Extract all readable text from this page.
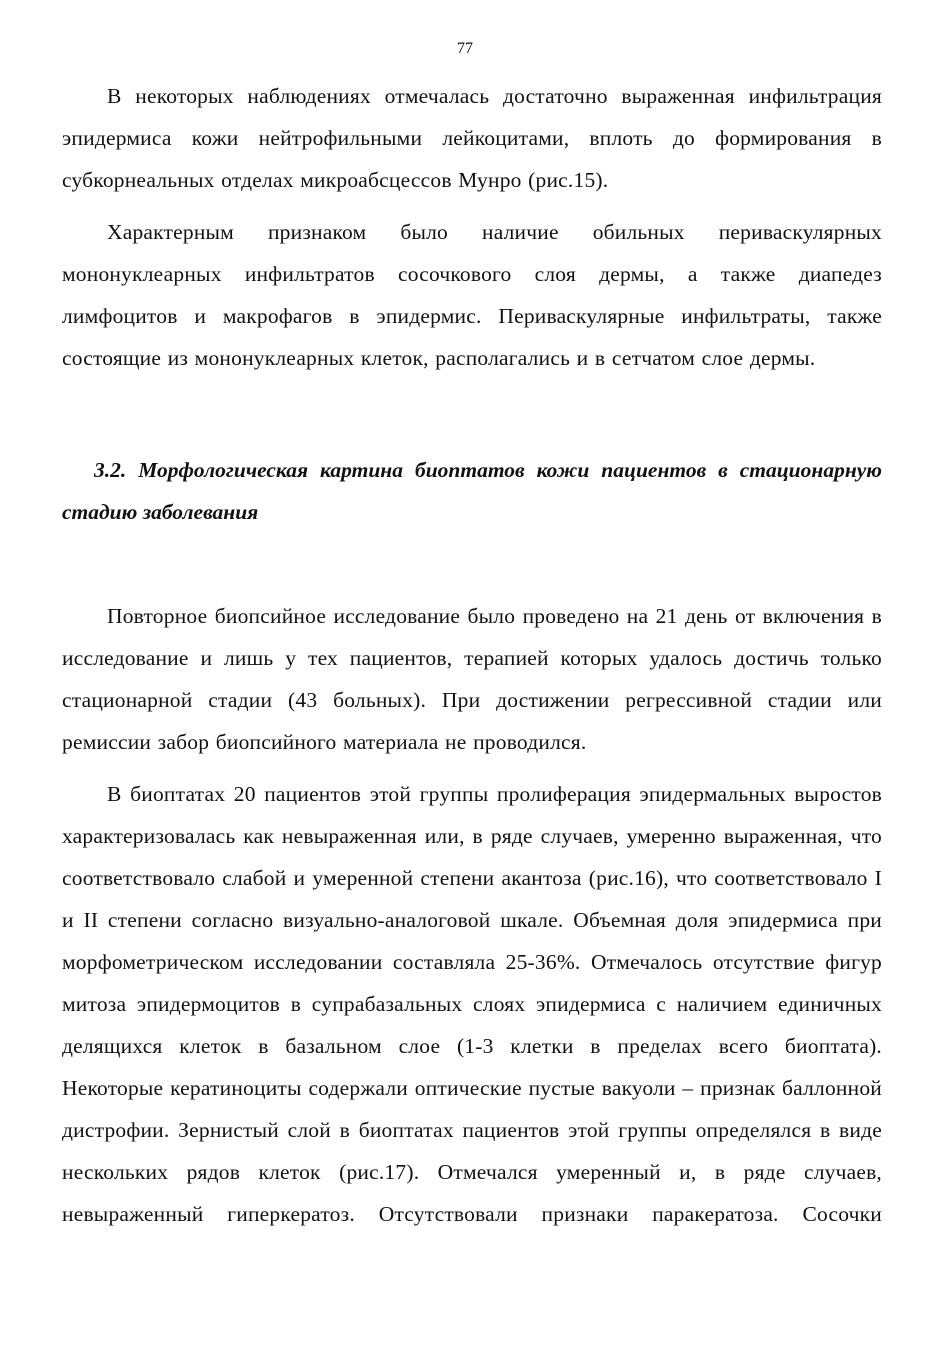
77

В некоторых наблюдениях отмечалась достаточно выраженная инфильтрация эпидермиса кожи нейтрофильными лейкоцитами, вплоть до формирования в субкорнеальных отделах микроабсцессов Мунро (рис.15).

Характерным признаком было наличие обильных периваскулярных мононуклеарных инфильтратов сосочкового слоя дермы, а также диапедез лимфоцитов и макрофагов в эпидермис. Периваскулярные инфильтраты, также состоящие из мононуклеарных клеток, располагались и в сетчатом слое дермы.

3.2. Морфологическая картина биоптатов кожи пациентов в стационарную стадию заболевания

Повторное биопсийное исследование было проведено на 21 день от включения в исследование и лишь у тех пациентов, терапией которых удалось достичь только стационарной стадии (43 больных). При достижении регрессивной стадии или ремиссии забор биопсийного материала не проводился.

В биоптатах 20 пациентов этой группы пролиферация эпидермальных выростов характеризовалась как невыраженная или, в ряде случаев, умеренно выраженная, что соответствовало слабой и умеренной степени акантоза (рис.16), что соответствовало I и II степени согласно визуально-аналоговой шкале. Объемная доля эпидермиса при морфометрическом исследовании составляла 25-36%. Отмечалось отсутствие фигур митоза эпидермоцитов в супрабазальных слоях эпидермиса с наличием единичных делящихся клеток в базальном слое (1-3 клетки в пределах всего биоптата). Некоторые кератиноциты содержали оптические пустые вакуоли – признак баллонной дистрофии. Зернистый слой в биоптатах пациентов этой группы определялся в виде нескольких рядов клеток (рис.17). Отмечался умеренный и, в ряде случаев, невыраженный гиперкератоз. Отсутствовали признаки паракератоза. Сосочки
